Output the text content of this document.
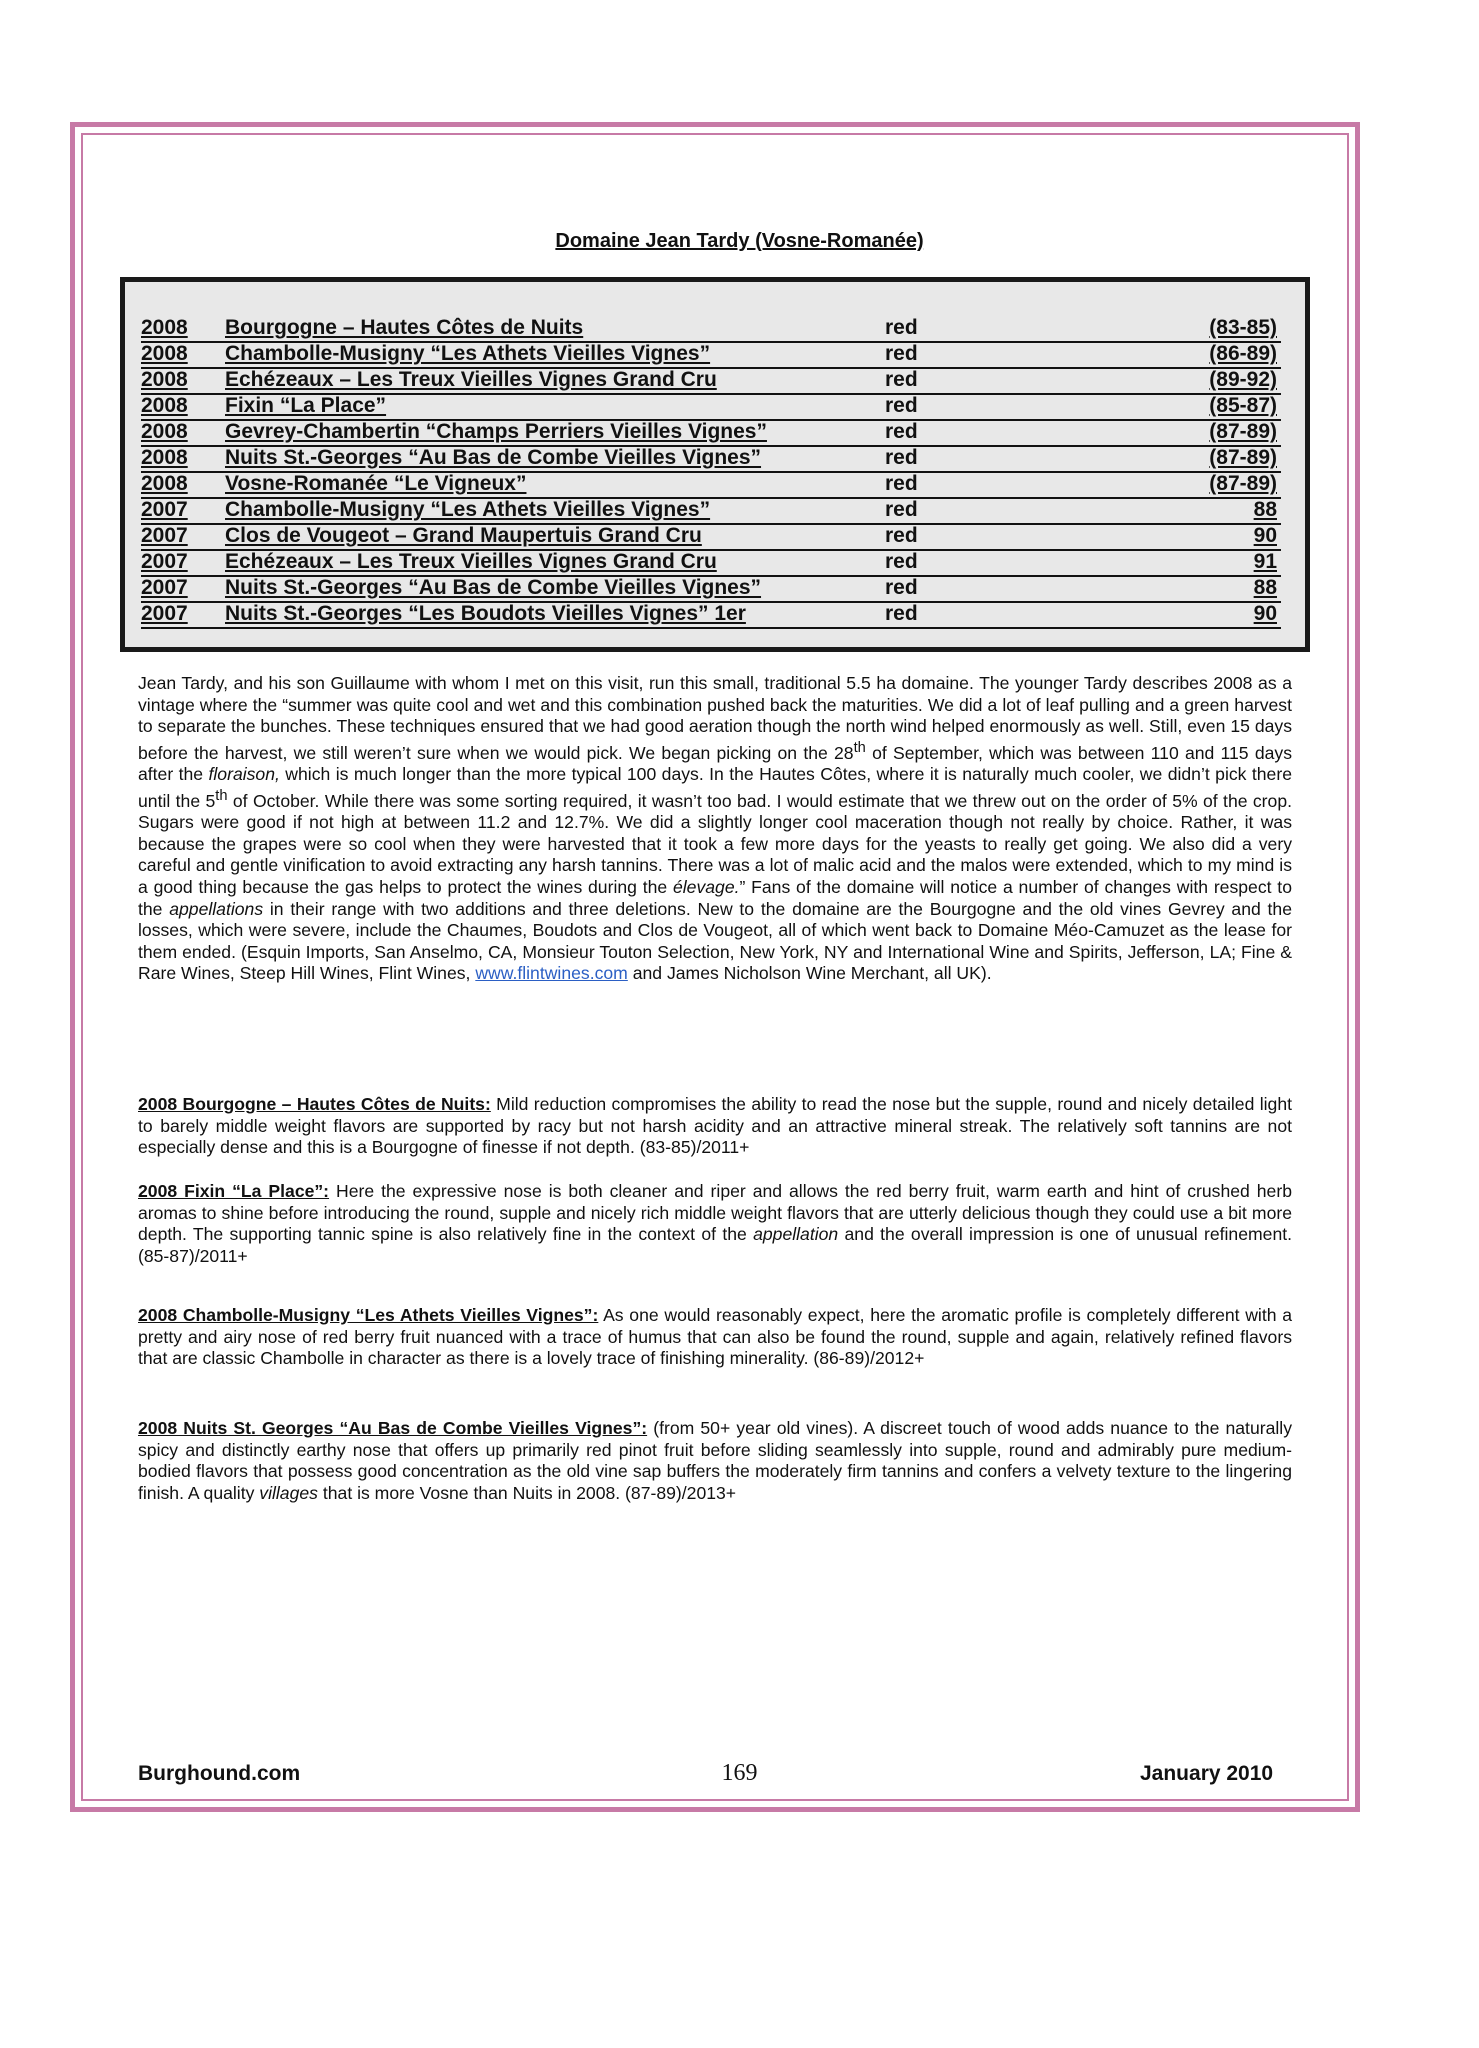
Domaine Jean Tardy (Vosne-Romanée)
2008 Bourgogne – Hautes Côtes de Nuits	red	(83-85)
2008 Chambolle-Musigny “Les Athets Vieilles Vignes”	red	(86-89)
2008 Echézeaux – Les Treux Vieilles Vignes Grand Cru	red	(89-92)
2008 Fixin “La Place”	red	(85-87)
2008 Gevrey-Chambertin “Champs Perriers Vieilles Vignes”	red	(87-89)
2008 Nuits St.-Georges “Au Bas de Combe Vieilles Vignes”	red	(87-89)
2008 Vosne-Romanée “Le Vigneux”	red	(87-89)
2007 Chambolle-Musigny “Les Athets Vieilles Vignes”	red	88
2007 Clos de Vougeot – Grand Maupertuis Grand Cru	red	90
2007 Echézeaux – Les Treux Vieilles Vignes Grand Cru	red	91
2007 Nuits St.-Georges “Au Bas de Combe Vieilles Vignes”	red	88
2007 Nuits St.-Georges “Les Boudots Vieilles Vignes” 1er	red	90

Jean Tardy, and his son Guillaume with whom I met on this visit, run this small, traditional 5.5 ha domaine. The younger Tardy describes 2008 as a vintage where the “summer was quite cool and wet and this combination pushed back the maturities. We did a lot of leaf pulling and a green harvest to separate the bunches. These techniques ensured that we had good aeration though the north wind helped enormously as well. Still, even 15 days before the harvest, we still weren’t sure when we would pick. We began picking on the 28th of September, which was between 110 and 115 days after the floraison, which is much longer than the more typical 100 days. In the Hautes Côtes, where it is naturally much cooler, we didn’t pick there until the 5th of October. While there was some sorting required, it wasn’t too bad. I would estimate that we threw out on the order of 5% of the crop. Sugars were good if not high at between 11.2 and 12.7%. We did a slightly longer cool maceration though not really by choice. Rather, it was because the grapes were so cool when they were harvested that it took a few more days for the yeasts to really get going. We also did a very careful and gentle vinification to avoid extracting any harsh tannins. There was a lot of malic acid and the malos were extended, which to my mind is a good thing because the gas helps to protect the wines during the élevage.” Fans of the domaine will notice a number of changes with respect to the appellations in their range with two additions and three deletions. New to the domaine are the Bourgogne and the old vines Gevrey and the losses, which were severe, include the Chaumes, Boudots and Clos de Vougeot, all of which went back to Domaine Méo-Camuzet as the lease for them ended. (Esquin Imports, San Anselmo, CA, Monsieur Touton Selection, New York, NY and International Wine and Spirits, Jefferson, LA; Fine & Rare Wines, Steep Hill Wines, Flint Wines, www.flintwines.com and James Nicholson Wine Merchant, all UK).

2008 Bourgogne – Hautes Côtes de Nuits: Mild reduction compromises the ability to read the nose but the supple, round and nicely detailed light to barely middle weight flavors are supported by racy but not harsh acidity and an attractive mineral streak. The relatively soft tannins are not especially dense and this is a Bourgogne of finesse if not depth. (83-85)/2011+

2008 Fixin “La Place”: Here the expressive nose is both cleaner and riper and allows the red berry fruit, warm earth and hint of crushed herb aromas to shine before introducing the round, supple and nicely rich middle weight flavors that are utterly delicious though they could use a bit more depth. The supporting tannic spine is also relatively fine in the context of the appellation and the overall impression is one of unusual refinement. (85-87)/2011+

2008 Chambolle-Musigny “Les Athets Vieilles Vignes”: As one would reasonably expect, here the aromatic profile is completely different with a pretty and airy nose of red berry fruit nuanced with a trace of humus that can also be found the round, supple and again, relatively refined flavors that are classic Chambolle in character as there is a lovely trace of finishing minerality. (86-89)/2012+

2008 Nuits St. Georges “Au Bas de Combe Vieilles Vignes”: (from 50+ year old vines). A discreet touch of wood adds nuance to the naturally spicy and distinctly earthy nose that offers up primarily red pinot fruit before sliding seamlessly into supple, round and admirably pure medium-bodied flavors that possess good concentration as the old vine sap buffers the moderately firm tannins and confers a velvety texture to the lingering finish. A quality villages that is more Vosne than Nuits in 2008. (87-89)/2013+

Burghound.com	169	January 2010
